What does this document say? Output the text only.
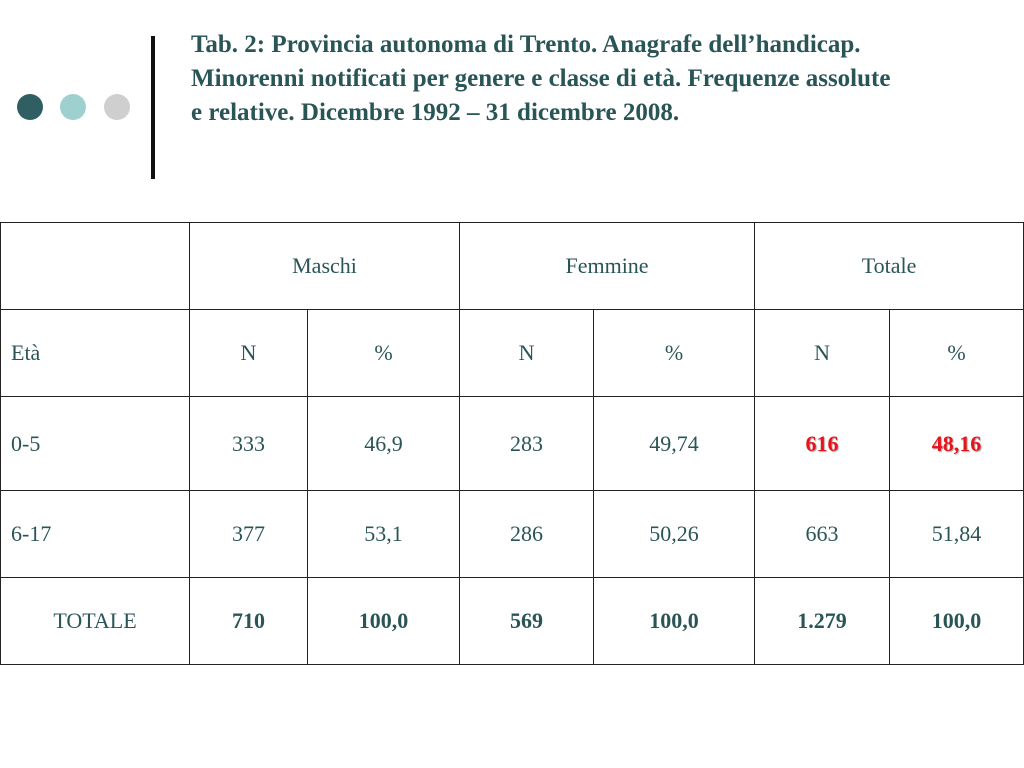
Tab. 2: Provincia autonoma di Trento. Anagrafe dell’handicap. Minorenni notificati per genere e classe di età. Frequenze assolute e relative. Dicembre 1992 – 31 dicembre 2008.
	Maschi		Femmine		Totale	
Età	N	%	N	%	N	%
0-5	333	46,9	283	49,74	616	48,16
6-17	377	53,1	286	50,26	663	51,84
TOTALE	710	100,0	569	100,0	1.279	100,0
